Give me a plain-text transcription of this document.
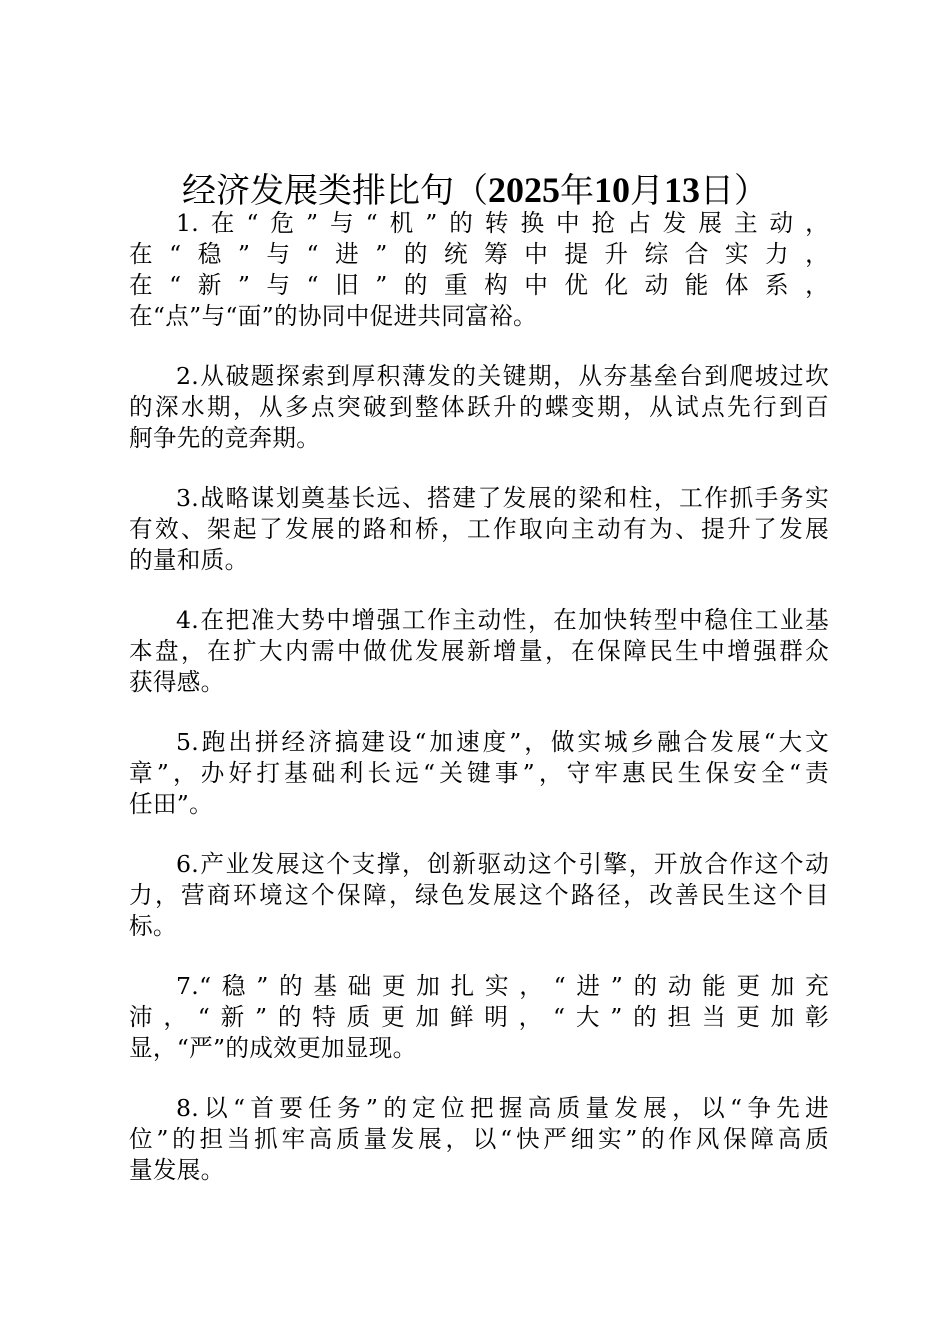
经济发展类排比句（2025年10月13日）
1.在“危”与“机”的转换中抢占发展主动，
在“稳”与“进”的统筹中提升综合实力，
在“新”与“旧”的重构中优化动能体系，
在“点”与“面”的协同中促进共同富裕。
2.从破题探索到厚积薄发的关键期，从夯基垒台到爬坡过坎
的深水期，从多点突破到整体跃升的蝶变期，从试点先行到百
舸争先的竞奔期。
3.战略谋划奠基长远、搭建了发展的梁和柱，工作抓手务实
有效、架起了发展的路和桥，工作取向主动有为、提升了发展
的量和质。
4.在把准大势中增强工作主动性，在加快转型中稳住工业基
本盘，在扩大内需中做优发展新增量，在保障民生中增强群众
获得感。
5.跑出拼经济搞建设“加速度”，做实城乡融合发展“大文
章”，办好打基础利长远“关键事”，守牢惠民生保安全“责
任田”。
6.产业发展这个支撑，创新驱动这个引擎，开放合作这个动
力，营商环境这个保障，绿色发展这个路径，改善民生这个目
标。
7.“稳”的基础更加扎实，“进”的动能更加充
沛，“新”的特质更加鲜明，“大”的担当更加彰
显，“严”的成效更加显现。
8.以“首要任务”的定位把握高质量发展，以“争先进
位”的担当抓牢高质量发展，以“快严细实”的作风保障高质
量发展。
